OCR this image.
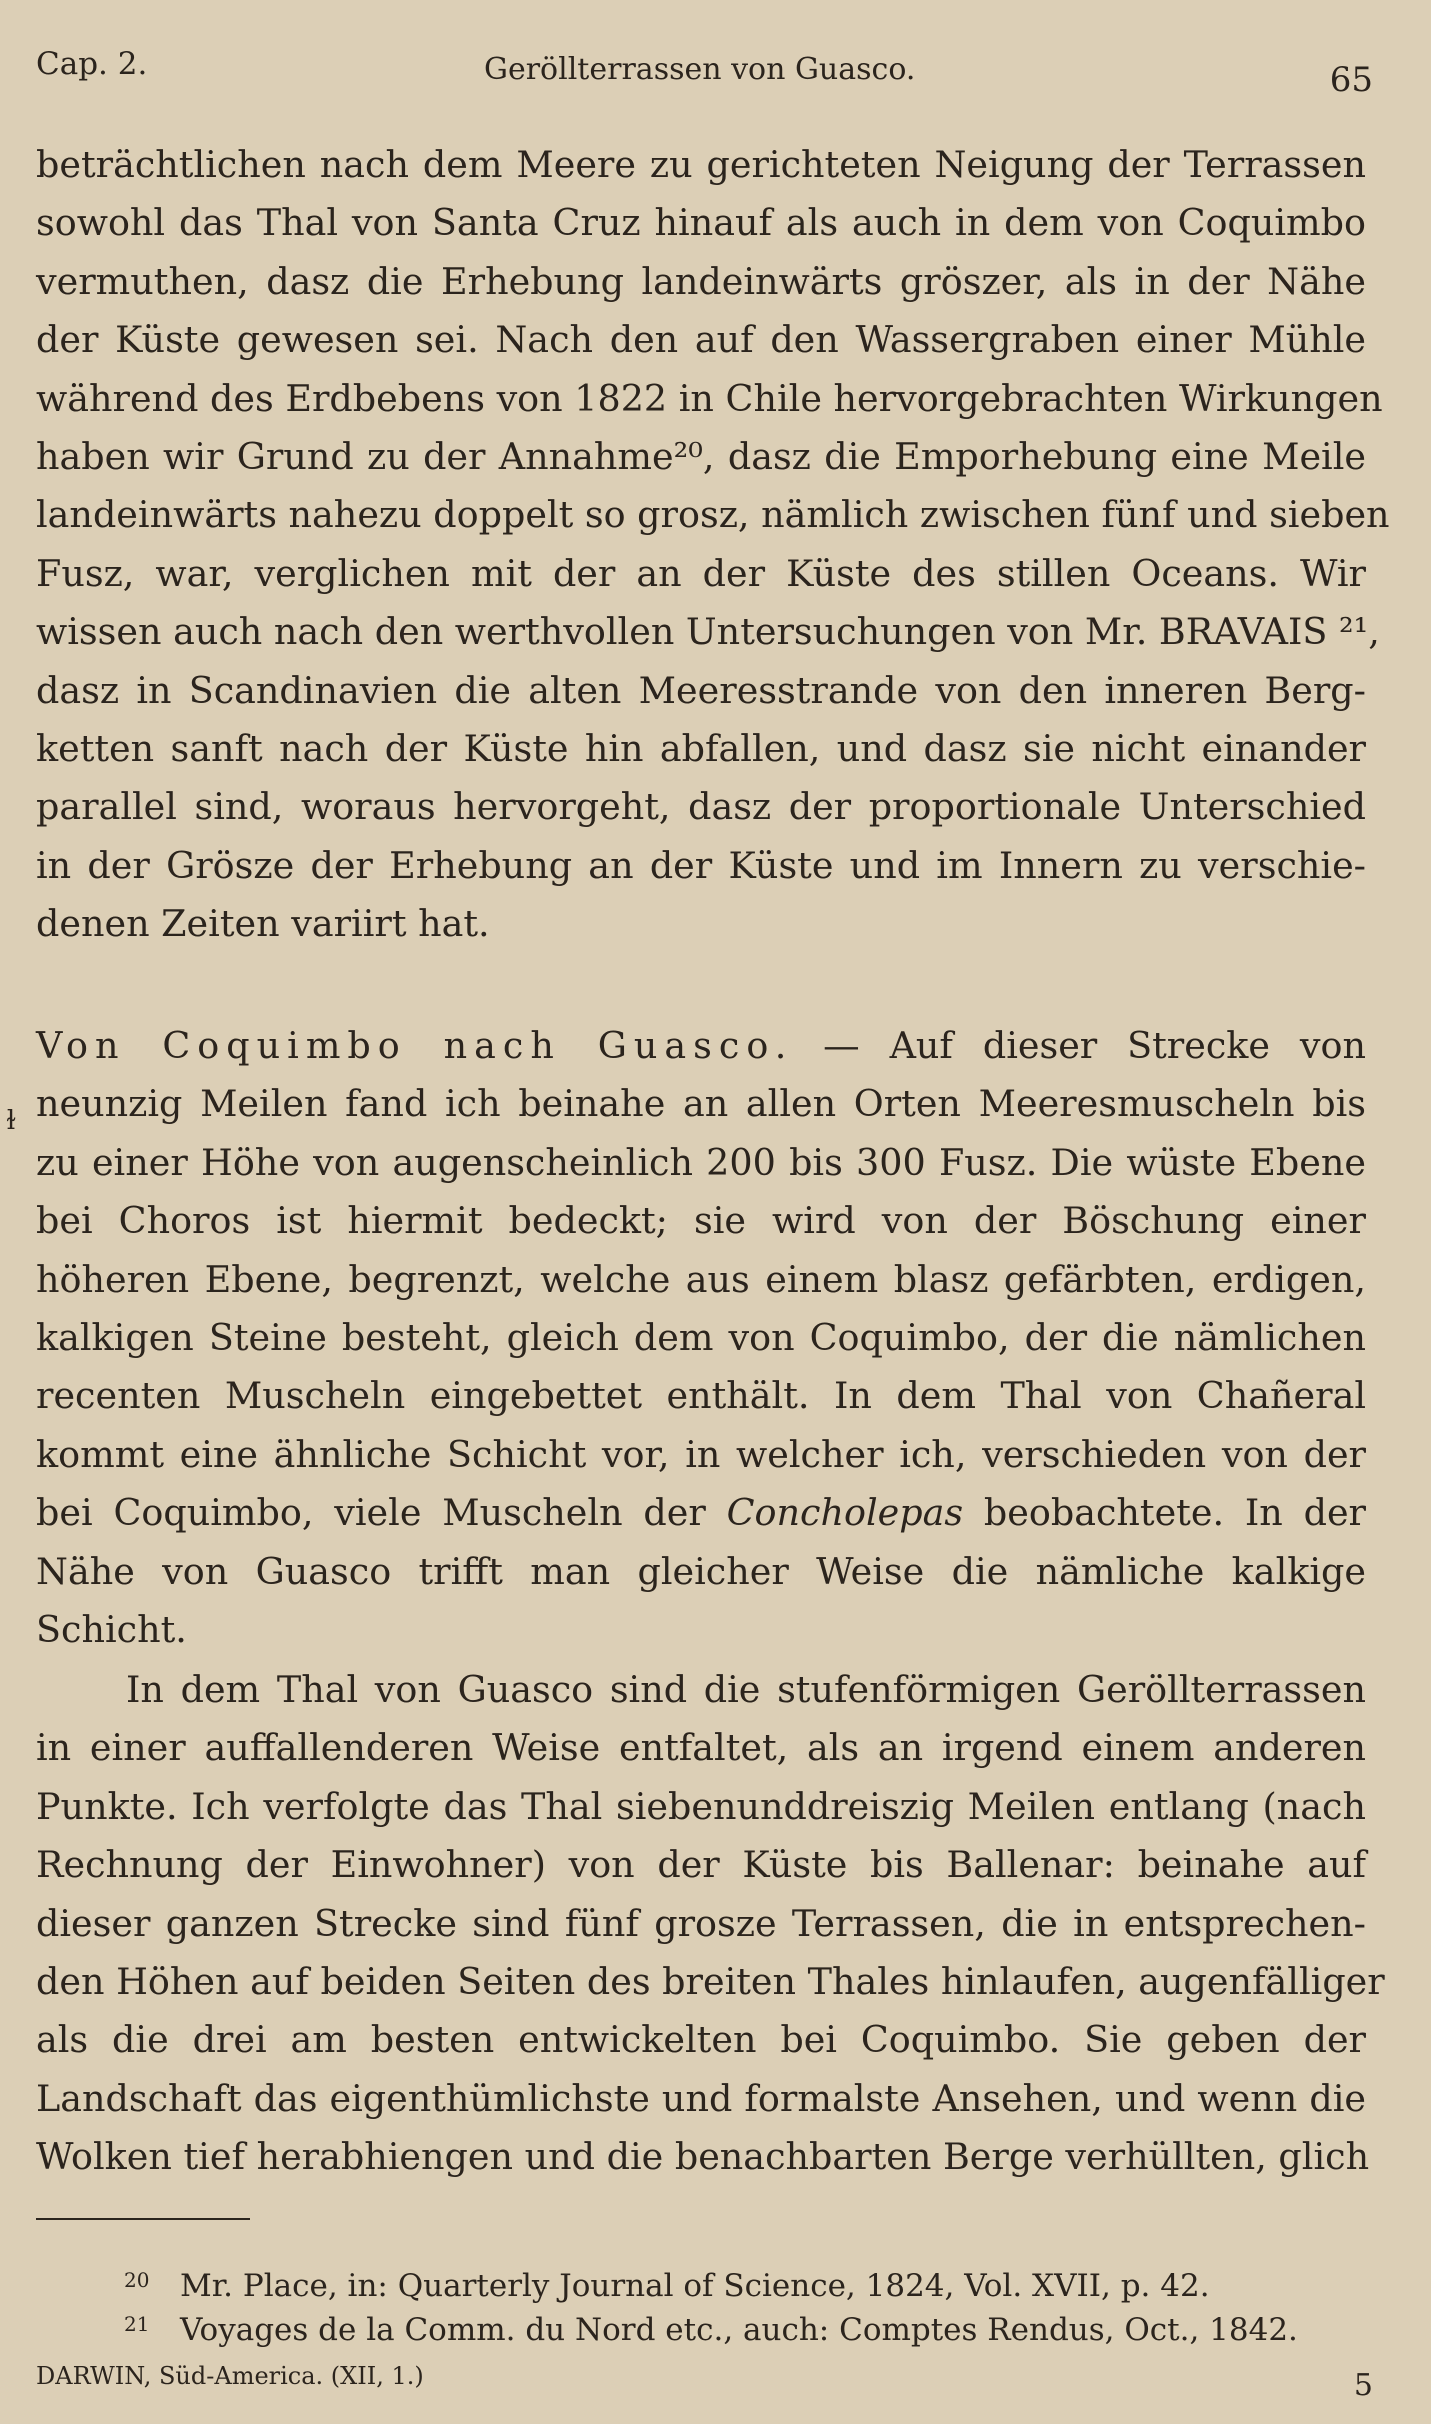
Cap. 2.	Geröllterrassen von Guasco.	65
beträchtlichen nach dem Meere zu gerichteten Neigung der Terrassen
sowohl das Thal von Santa Cruz hinauf als auch in dem von Coquimbo
vermuthen, dasz die Erhebung landeinwärts gröszer, als in der Nähe
der Küste gewesen sei. Nach den auf den Wassergraben einer Mühle
während des Erdbebens von 1822 in Chile hervorgebrachten Wirkungen
haben wir Grund zu der Annahme²⁰, dasz die Emporhebung eine Meile
landeinwärts nahezu doppelt so grosz, nämlich zwischen fünf und sieben
Fusz, war, verglichen mit der an der Küste des stillen Oceans. Wir
wissen auch nach den werthvollen Untersuchungen von Mr. BRAVAIS ²¹,
dasz in Scandinavien die alten Meeresstrande von den inneren Berg-
ketten sanft nach der Küste hin abfallen, und dasz sie nicht einander
parallel sind, woraus hervorgeht, dasz der proportionale Unterschied
in der Grösze der Erhebung an der Küste und im Innern zu verschie-
denen Zeiten variirt hat.
ɫ
Von Coquimbo nach Guasco. — Auf dieser Strecke von
neunzig Meilen fand ich beinahe an allen Orten Meeresmuscheln bis
zu einer Höhe von augenscheinlich 200 bis 300 Fusz. Die wüste Ebene
bei Choros ist hiermit bedeckt; sie wird von der Böschung einer
höheren Ebene, begrenzt, welche aus einem blasz gefärbten, erdigen,
kalkigen Steine besteht, gleich dem von Coquimbo, der die nämlichen
recenten Muscheln eingebettet enthält. In dem Thal von Chañeral
kommt eine ähnliche Schicht vor, in welcher ich, verschieden von der
bei Coquimbo, viele Muscheln der Concholepas beobachtete. In der
Nähe von Guasco trifft man gleicher Weise die nämliche kalkige
Schicht.
In dem Thal von Guasco sind die stufenförmigen Geröllterrassen
in einer auffallenderen Weise entfaltet, als an irgend einem anderen
Punkte. Ich verfolgte das Thal siebenunddreiszig Meilen entlang (nach
Rechnung der Einwohner) von der Küste bis Ballenar: beinahe auf
dieser ganzen Strecke sind fünf grosze Terrassen, die in entsprechen-
den Höhen auf beiden Seiten des breiten Thales hinlaufen, augenfälliger
als die drei am besten entwickelten bei Coquimbo. Sie geben der
Landschaft das eigenthümlichste und formalste Ansehen, und wenn die
Wolken tief herabhiengen und die benachbarten Berge verhüllten, glich
20 Mr. Place, in: Quarterly Journal of Science, 1824, Vol. XVII, p. 42.
21 Voyages de la Comm. du Nord etc., auch: Comptes Rendus, Oct., 1842.
DARWIN, Süd-America. (XII, 1.)	5
